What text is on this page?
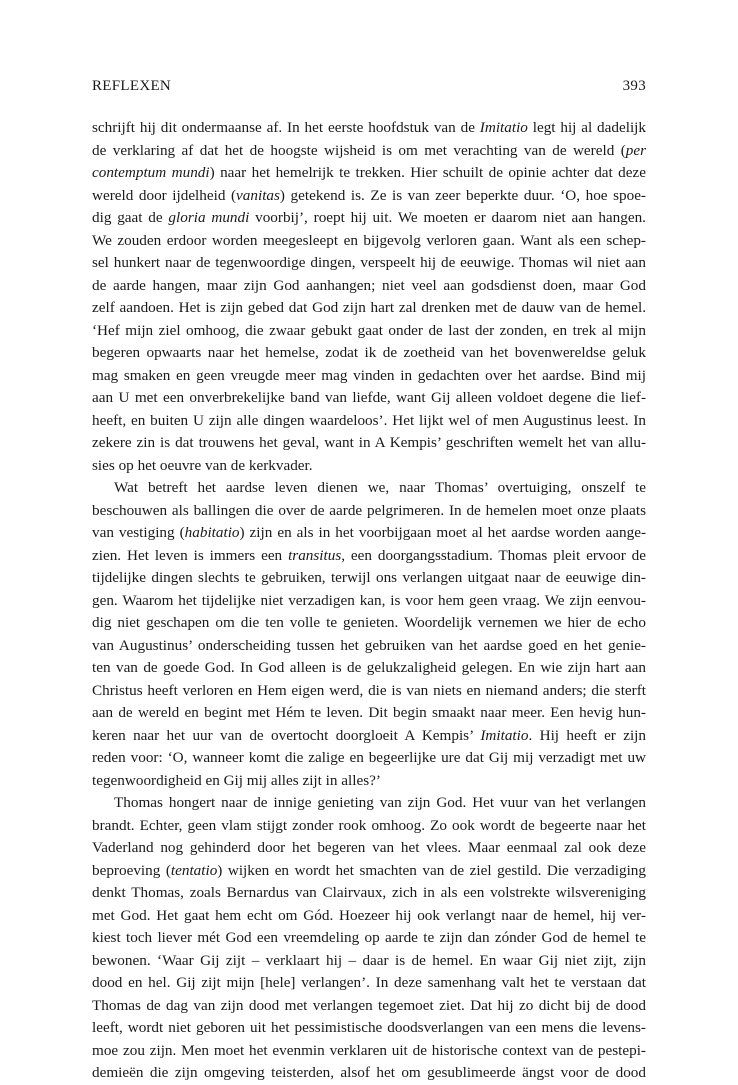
REFLEXEN	393
schrijft hij dit ondermaanse af. In het eerste hoofdstuk van de Imitatio legt hij al dadelijk
de verklaring af dat het de hoogste wijsheid is om met verachting van de wereld (per
contemptum mundi) naar het hemelrijk te trekken. Hier schuilt de opinie achter dat deze
wereld door ijdelheid (vanitas) getekend is. Ze is van zeer beperkte duur. ‘O, hoe spoe-
dig gaat de gloria mundi voorbij’, roept hij uit. We moeten er daarom niet aan hangen.
We zouden erdoor worden meegesleept en bijgevolg verloren gaan. Want als een schep-
sel hunkert naar de tegenwoordige dingen, verspeelt hij de eeuwige. Thomas wil niet aan
de aarde hangen, maar zijn God aanhangen; niet veel aan godsdienst doen, maar God
zelf aandoen. Het is zijn gebed dat God zijn hart zal drenken met de dauw van de hemel.
‘Hef mijn ziel omhoog, die zwaar gebukt gaat onder de last der zonden, en trek al mijn
begeren opwaarts naar het hemelse, zodat ik de zoetheid van het bovenwereldse geluk
mag smaken en geen vreugde meer mag vinden in gedachten over het aardse. Bind mij
aan U met een onverbrekelijke band van liefde, want Gij alleen voldoet degene die lief-
heeft, en buiten U zijn alle dingen waardeloos’. Het lijkt wel of men Augustinus leest. In
zekere zin is dat trouwens het geval, want in A Kempis’ geschriften wemelt het van allu-
sies op het oeuvre van de kerkvader.
Wat betreft het aardse leven dienen we, naar Thomas’ overtuiging, onszelf te
beschouwen als ballingen die over de aarde pelgrimeren. In de hemelen moet onze plaats
van vestiging (habitatio) zijn en als in het voorbijgaan moet al het aardse worden aange-
zien. Het leven is immers een transitus, een doorgangsstadium. Thomas pleit ervoor de
tijdelijke dingen slechts te gebruiken, terwijl ons verlangen uitgaat naar de eeuwige din-
gen. Waarom het tijdelijke niet verzadigen kan, is voor hem geen vraag. We zijn eenvou-
dig niet geschapen om die ten volle te genieten. Woordelijk vernemen we hier de echo
van Augustinus’ onderscheiding tussen het gebruiken van het aardse goed en het genie-
ten van de goede God. In God alleen is de gelukzaligheid gelegen. En wie zijn hart aan
Christus heeft verloren en Hem eigen werd, die is van niets en niemand anders; die sterft
aan de wereld en begint met Hém te leven. Dit begin smaakt naar meer. Een hevig hun-
keren naar het uur van de overtocht doorgloeit A Kempis’ Imitatio. Hij heeft er zijn
reden voor: ‘O, wanneer komt die zalige en begeerlijke ure dat Gij mij verzadigt met uw
tegenwoordigheid en Gij mij alles zijt in alles?’
Thomas hongert naar de innige genieting van zijn God. Het vuur van het verlangen
brandt. Echter, geen vlam stijgt zonder rook omhoog. Zo ook wordt de begeerte naar het
Vaderland nog gehinderd door het begeren van het vlees. Maar eenmaal zal ook deze
beproeving (tentatio) wijken en wordt het smachten van de ziel gestild. Die verzadiging
denkt Thomas, zoals Bernardus van Clairvaux, zich in als een volstrekte wilsvereniging
met God. Het gaat hem echt om Gód. Hoezeer hij ook verlangt naar de hemel, hij ver-
kiest toch liever mét God een vreemdeling op aarde te zijn dan zónder God de hemel te
bewonen. ‘Waar Gij zijt – verklaart hij – daar is de hemel. En waar Gij niet zijt, zijn
dood en hel. Gij zijt mijn [hele] verlangen’. In deze samenhang valt het te verstaan dat
Thomas de dag van zijn dood met verlangen tegemoet ziet. Dat hij zo dicht bij de dood
leeft, wordt niet geboren uit het pessimistische doodsverlangen van een mens die levens-
moe zou zijn. Men moet het evenmin verklaren uit de historische context van de pestepi-
demieën die zijn omgeving teisterden, alsof het om gesublimeerde ängst voor de dood
